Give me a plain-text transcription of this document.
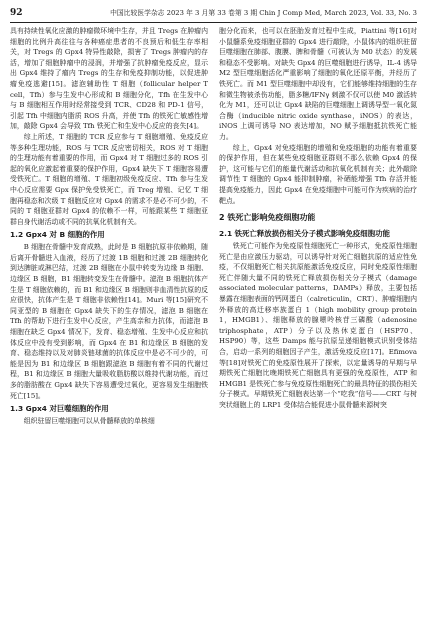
92	中国比较医学杂志 2023 年 3 月第 33 卷第 3 期 Chin J Comp Med, March 2023, Vol. 33, No. 3

具有持续性氧化应激的肿瘤微环境中生存，并且 Tregs 在肿瘤内细胞的比例升高往往与各种癌症患者的不良预后和低生存率相关，对 Tregs 的 Gpx4 特异性敲除，损害了 Tregs 肿瘤内的存活，增加了细胞肿瘤中的浸润，并增强了抗肿瘤免疫反应，显示出 Gpx4 维持了瘤内 Tregs 的生存和免疫抑制功能，以促进肿瘤免疫逃避[15]。滤泡辅助性 T 细胞（follicular helper T cell，Tfh）参与生发中心形成和 B 细胞分化，Tfh 在生发中心与 B 细胞相互作用时经常接受到 TCR、CD28 和 PD-1 信号，引起 Tfh 中细胞内脂质 ROS 升高，并使 Tfh 的铁死亡敏感性增加，敲除 Gpx4 会导致 Tfh 铁死亡和生发中心反应的丧失[4]。

综上所述，T 细胞的 TCR 反应参与 T 细胞增殖、免疫反应等多种生理功能，ROS 与 TCR 反应密切相关，ROS 对 T 细胞的生理功能有着重要的作用，而 Gpx4 对 T 细胞过多的 ROS 引起的氧化应激起着重要的保护作用，Gpx4 缺失下 T 细胞容易遭受铁死亡。T 细胞的增殖、T 细胞初级免疫反应、Tfh 参与生发中心反应需要 Gpx 保护免受铁死亡，而 Treg 增殖、记忆 T 细胞再稳态和次级 T 细胞反应对 Gpx4 的需求不是必不可少的，不同的 T 细胞亚群对 Gpx4 的依赖不一样，可能跟某些 T 细胞亚群自身代谢活动或不同的抗氧化机制有关。

1.2 Gpx4 对 B 细胞的作用

B 细胞在骨髓中发育成熟，此时是 B 细胞抗原非依赖期，随后离开骨髓进入血液，经历了过渡 1B 细胞和过渡 2B 细胞转化到达脾脏或淋巴结，过渡 2B 细胞在小鼠中转变为边缘 B 细胞、边缘区 B 细胞，B1 细胞转变发生在骨髓中。滤泡 B 细胞抗体产生是 T 细胞依赖的，而 B1 和边缘区 B 细胞则非血清性抗原的反应很快，抗体产生是 T 细胞非依赖性[14]。Muri 等[15]研究不同亚型的 B 细胞在 Gpx4 缺失下的生存情况，滤泡 B 细胞在 Tfh 的帮助下进行生发中心反应，产生高亲和力抗体，而滤泡 B 细胞在缺乏 Gpx4 情况下，发育、稳态增殖、生发中心反应和抗体反应中没有受到影响，而 Gpx4 在 B1 和边缘区 B 细胞的发育、稳态维持以及对肺炎链球菌的抗体反应中是必不可少的，可能是因为 B1 和边缘区 B 细胞跟滤泡 B 细胞有着不同的代谢过程，B1 和边缘区 B 细胞大量吸收脂肪酸以维持代谢功能，而过多的脂肪酸在 Gpx4 缺失下容易遭受过氧化，更容易发生细胞铁死亡[15]。

1.3 Gpx4 对巨噬细胞的作用

组织驻留巨噬细胞可以从骨髓释放的单核细

胞分化而来，也可以在胚胎发育过程中生成，Piattini 等[16]对小鼠髓系免疫细胞亚群的 Gpx4 进行敲除，小鼠体内的组织驻留巨噬细胞在肺部、腹膜、脾和骨髓（可被认为 M0 状态）的发展和稳态不受影响。对缺失 Gpx4 的巨噬细胞进行诱导，IL-4 诱导 M2 型巨噬细胞活化严重影响了细胞的氧化还原平衡，并经历了铁死亡。而 M1 型巨噬细胞中却没有，它们能够维持细胞的生存和微生物被杀伤功能，脂多糖/IFNγ 刺激不仅可以使 M0 激活转化为 M1，还可以让 Gpx4 缺陷的巨噬细胞上调诱导型一氧化氮合酶（inducible nitric oxide synthase，iNOS）的表达，iNOS 上调可诱导 NO 表达增加，NO 赋予细胞抵抗铁死亡能力。

综上，Gpx4 对免疫细胞的增殖和免疫细胞的功能有着重要的保护作用，但在某些免疫细胞亚群则不那么依赖 Gpx4 的保护，这可能与它们的能量代谢活动和抗氧化机制有关；此外敲除调节性 T 细胞的 Gpx4 能抑制肿瘤，补硒能增强 Tfh 存活并能提高免疫能力，因此 Gpx4 在免疫细胞中可能可作为疾病的治疗靶点。

2 铁死亡影响免疫细胞功能
2.1 铁死亡释放损伤相关分子模式影响免疫细胞功能

铁死亡可能作为免疫原性细胞死亡一种形式，免疫原性细胞死亡是由应激压力驱动，可以诱导针对死亡细胞抗原的适应性免疫，不仅细胞死亡相关抗原能激活免疫反应，同时免疫原性细胞死亡伴随大量不同的铁死亡释放损伤相关分子模式（damage associated molecular patterns，DAMPs）释放，主要包括暴露在细胞表面的钙网蛋白（calreticulin，CRT）、肿瘤细胞内外释放的高迁移率族蛋白 1（high mobility group protein 1，HMGB1）、细胞释放的腺嘌呤核苷三磷酸（adenosine triphosphate，ATP）分子以及热休克蛋白（HSP70、HSP90）等，这些 Damps 能与抗原呈递细胞模式识别受体结合，启动一系列的细胞因子产生，激活免疫反应[17]。Efimova 等[18]对铁死亡的免疫原性展开了探索，以定量诱导的早期与早期铁死亡细胞比晚期铁死亡细胞具有更强的免疫原性，ATP 和 HMGB1 是铁死亡参与免疫原性细胞死亡的最具特征的损伤相关分子模式。早期铁死亡细胞表达第一个“吃我”信号——CRT 与树突状细胞上的 LRP1 受体结合能促进小鼠骨髓来源树突
